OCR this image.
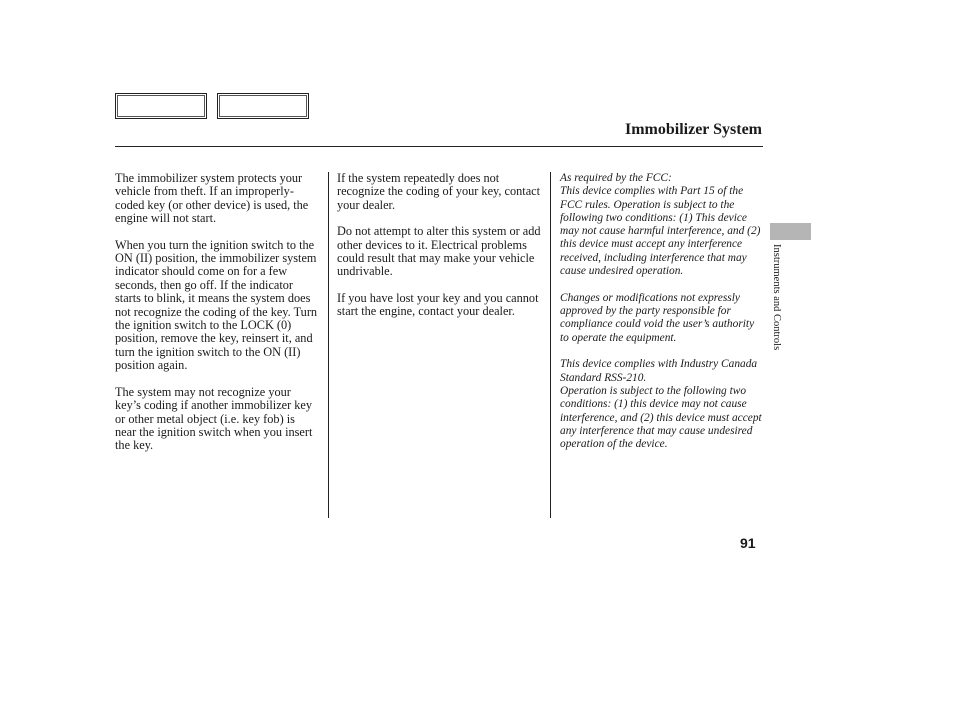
Immobilizer System

The immobilizer system protects your vehicle from theft. If an improperly-coded key (or other device) is used, the engine will not start.

When you turn the ignition switch to the ON (II) position, the immobilizer system indicator should come on for a few seconds, then go off. If the indicator starts to blink, it means the system does not recognize the coding of the key. Turn the ignition switch to the LOCK (0) position, remove the key, reinsert it, and turn the ignition switch to the ON (II) position again.

The system may not recognize your key’s coding if another immobilizer key or other metal object (i.e. key fob) is near the ignition switch when you insert the key.

If the system repeatedly does not recognize the coding of your key, contact your dealer.

Do not attempt to alter this system or add other devices to it. Electrical problems could result that may make your vehicle undrivable.

If you have lost your key and you cannot start the engine, contact your dealer.

As required by the FCC:
This device complies with Part 15 of the FCC rules. Operation is subject to the following two conditions: (1) This device may not cause harmful interference, and (2) this device must accept any interference received, including interference that may cause undesired operation.

Changes or modifications not expressly approved by the party responsible for compliance could void the user’s authority to operate the equipment.

This device complies with Industry Canada Standard RSS-210.
Operation is subject to the following two conditions: (1) this device may not cause interference, and (2) this device must accept any interference that may cause undesired operation of the device.

Instruments and Controls
91
